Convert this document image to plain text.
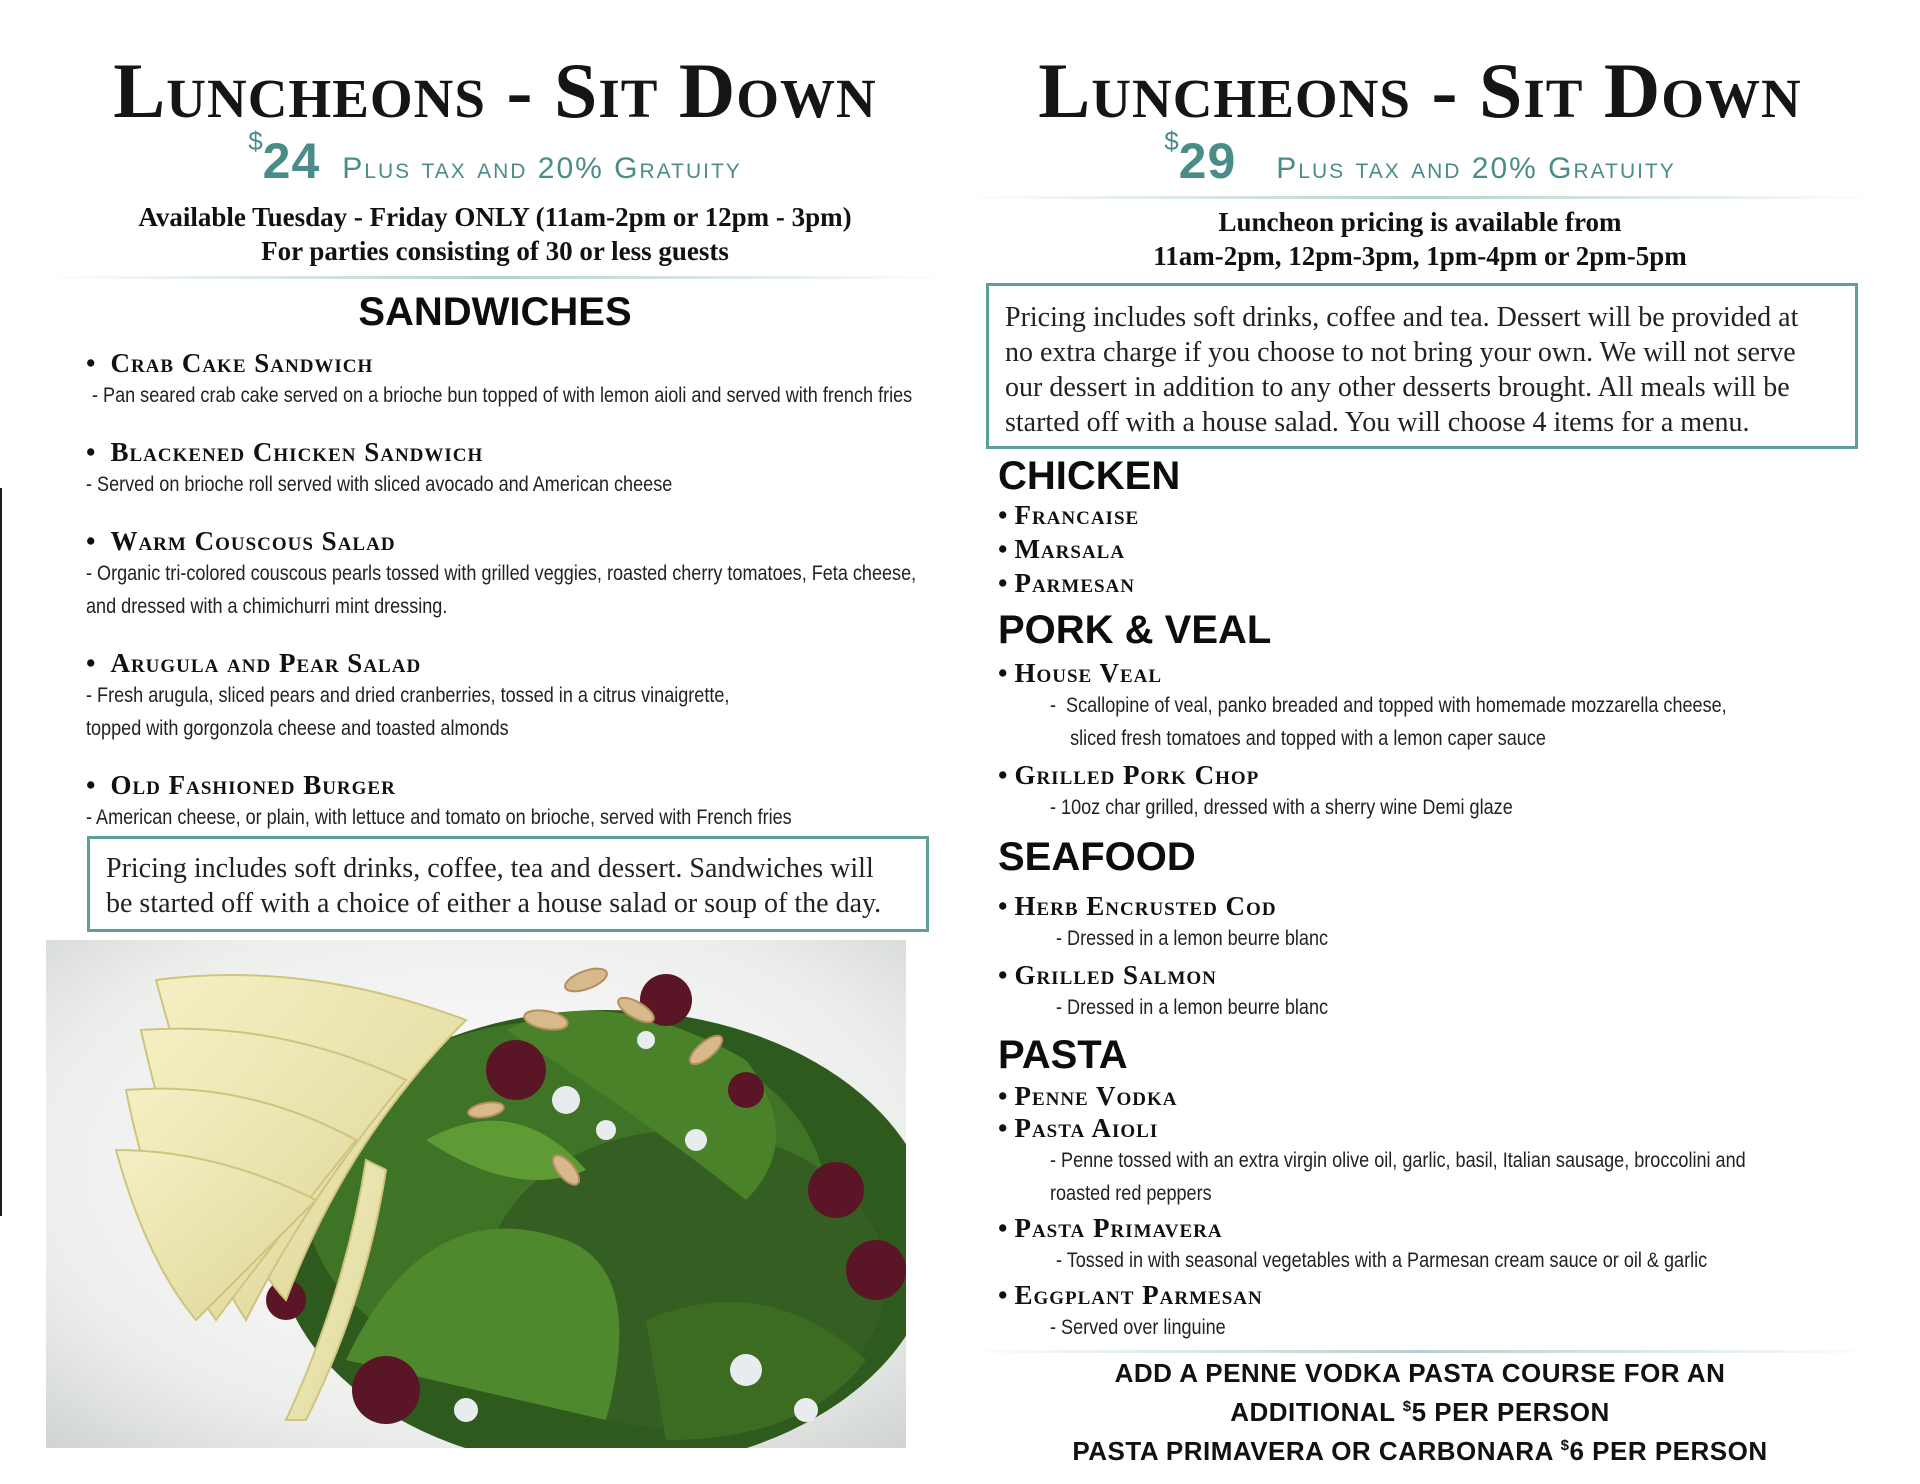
Luncheons - Sit Down
$24 Plus tax and 20% Gratuity
Available Tuesday - Friday ONLY (11am-2pm or 12pm - 3pm)
For parties consisting of 30 or less guests
SANDWICHES
• Crab Cake Sandwich
- Pan seared crab cake served on a brioche bun topped of with lemon aioli and served with french fries
• Blackened Chicken Sandwich
- Served on brioche roll served with sliced avocado and American cheese
• Warm Couscous Salad
- Organic tri-colored couscous pearls tossed with grilled veggies, roasted cherry tomatoes, Feta cheese,
and dressed with a chimichurri mint dressing.
• Arugula and Pear Salad
- Fresh arugula, sliced pears and dried cranberries, tossed in a citrus vinaigrette,
topped with gorgonzola cheese and toasted almonds
• Old Fashioned Burger
- American cheese, or plain, with lettuce and tomato on brioche, served with French fries
Pricing includes soft drinks, coffee, tea and dessert. Sandwiches will
be started off with a choice of either a house salad or soup of the day.
Luncheons - Sit Down
$29 Plus tax and 20% Gratuity
Luncheon pricing is available from
11am-2pm, 12pm-3pm, 1pm-4pm or 2pm-5pm
Pricing includes soft drinks, coffee and tea. Dessert will be provided at
no extra charge if you choose to not bring your own. We will not serve
our dessert in addition to any other desserts brought. All meals will be
started off with a house salad. You will choose 4 items for a menu.
CHICKEN
• Francaise
• Marsala
• Parmesan
PORK & VEAL
• House Veal
-  Scallopine of veal, panko breaded and topped with homemade mozzarella cheese,
sliced fresh tomatoes and topped with a lemon caper sauce
• Grilled Pork Chop
- 10oz char grilled, dressed with a sherry wine Demi glaze
SEAFOOD
• Herb Encrusted Cod
- Dressed in a lemon beurre blanc
• Grilled Salmon
- Dressed in a lemon beurre blanc
PASTA
• Penne Vodka
• Pasta Aioli
- Penne tossed with an extra virgin olive oil, garlic, basil, Italian sausage, broccolini and
roasted red peppers
• Pasta Primavera
- Tossed in with seasonal vegetables with a Parmesan cream sauce or oil & garlic
• Eggplant Parmesan
- Served over linguine
ADD A PENNE VODKA PASTA COURSE FOR AN
ADDITIONAL $5 PER PERSON
PASTA PRIMAVERA OR CARBONARA $6 PER PERSON
